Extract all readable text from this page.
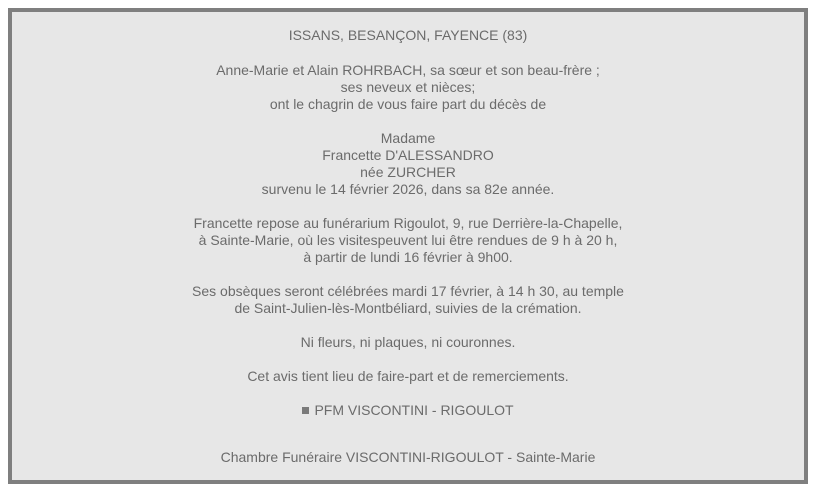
ISSANS, BESANÇON, FAYENCE (83)
Anne-Marie et Alain ROHRBACH, sa sœur et son beau-frère ;
ses neveux et nièces;
ont le chagrin de vous faire part du décès de
Madame
Francette D'ALESSANDRO
née ZURCHER
survenu le 14 février 2026, dans sa 82e année.
Francette repose au funérarium Rigoulot, 9, rue Derrière-la-Chapelle,
à Sainte-Marie, où les visitespeuvent lui être rendues de 9 h à 20 h,
à partir de lundi 16 février à 9h00.
Ses obsèques seront célébrées mardi 17 février, à 14 h 30, au temple
de Saint-Julien-lès-Montbéliard, suivies de la crémation.
Ni fleurs, ni plaques, ni couronnes.
Cet avis tient lieu de faire-part et de remerciements.
PFM VISCONTINI - RIGOULOT
Chambre Funéraire VISCONTINI-RIGOULOT - Sainte-Marie
